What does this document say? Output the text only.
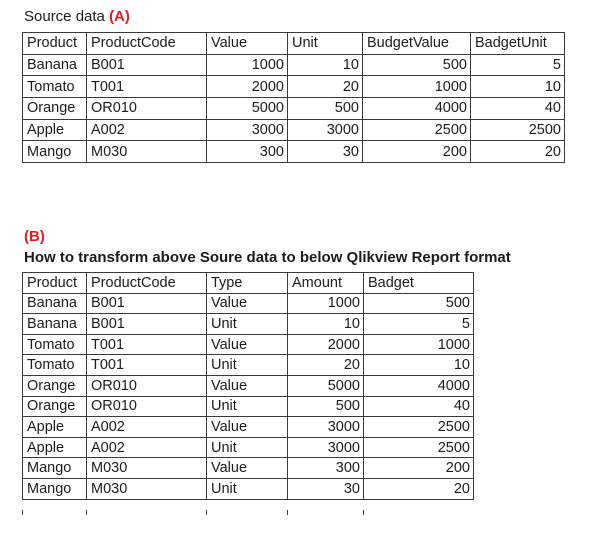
Source data (A)
Product	ProductCode	Value	Unit	BudgetValue	BadgetUnit
Banana	B001	1000	10	500	5
Tomato	T001	2000	20	1000	10
Orange	OR010	5000	500	4000	40
Apple	A002	3000	3000	2500	2500
Mango	M030	300	30	200	20
(B)
How to transform above Soure data to below Qlikview Report format
Product	ProductCode	Type	Amount	Badget
Banana	B001	Value	1000	500
Banana	B001	Unit	10	5
Tomato	T001	Value	2000	1000
Tomato	T001	Unit	20	10
Orange	OR010	Value	5000	4000
Orange	OR010	Unit	500	40
Apple	A002	Value	3000	2500
Apple	A002	Unit	3000	2500
Mango	M030	Value	300	200
Mango	M030	Unit	30	20
